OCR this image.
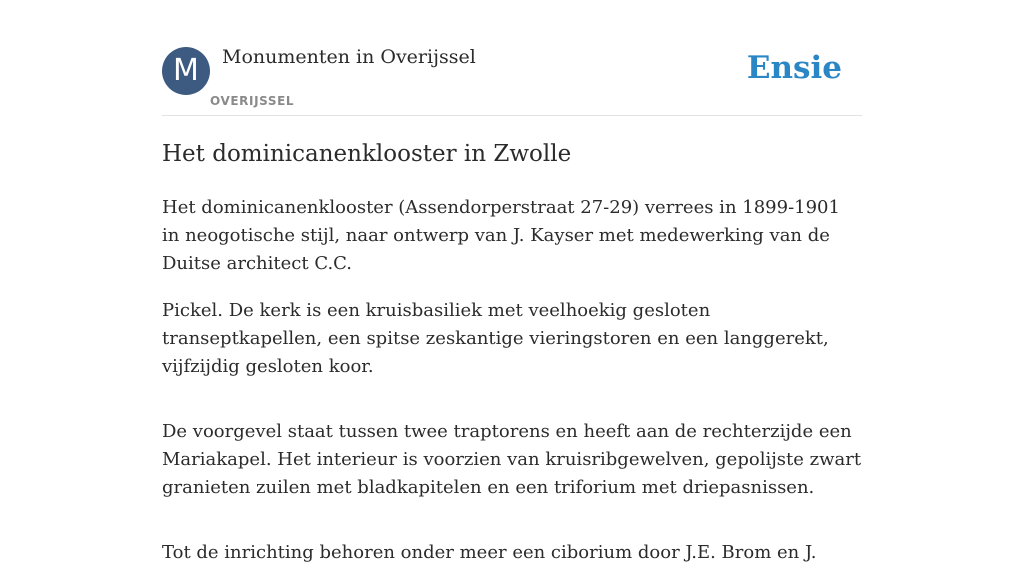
M	Monumenten in Overijssel
OVERIJSSEL
Ensie
Het dominicanenklooster in Zwolle

Het dominicanenklooster (Assendorperstraat 27-29) verrees in 1899-1901 in neogotische stijl, naar ontwerp van J. Kayser met medewerking van de Duitse architect C.C.

Pickel. De kerk is een kruisbasiliek met veelhoekig gesloten transeptkapellen, een spitse zeskantige vieringstoren en een langgerekt, vijfzijdig gesloten koor.

De voorgevel staat tussen twee traptorens en heeft aan de rechterzijde een Mariakapel. Het interieur is voorzien van kruisribgewelven, gepolijste zwart granieten zuilen met bladkapitelen en een triforium met driepasnissen.

Tot de inrichting behoren onder meer een ciborium door J.E. Brom en J.
